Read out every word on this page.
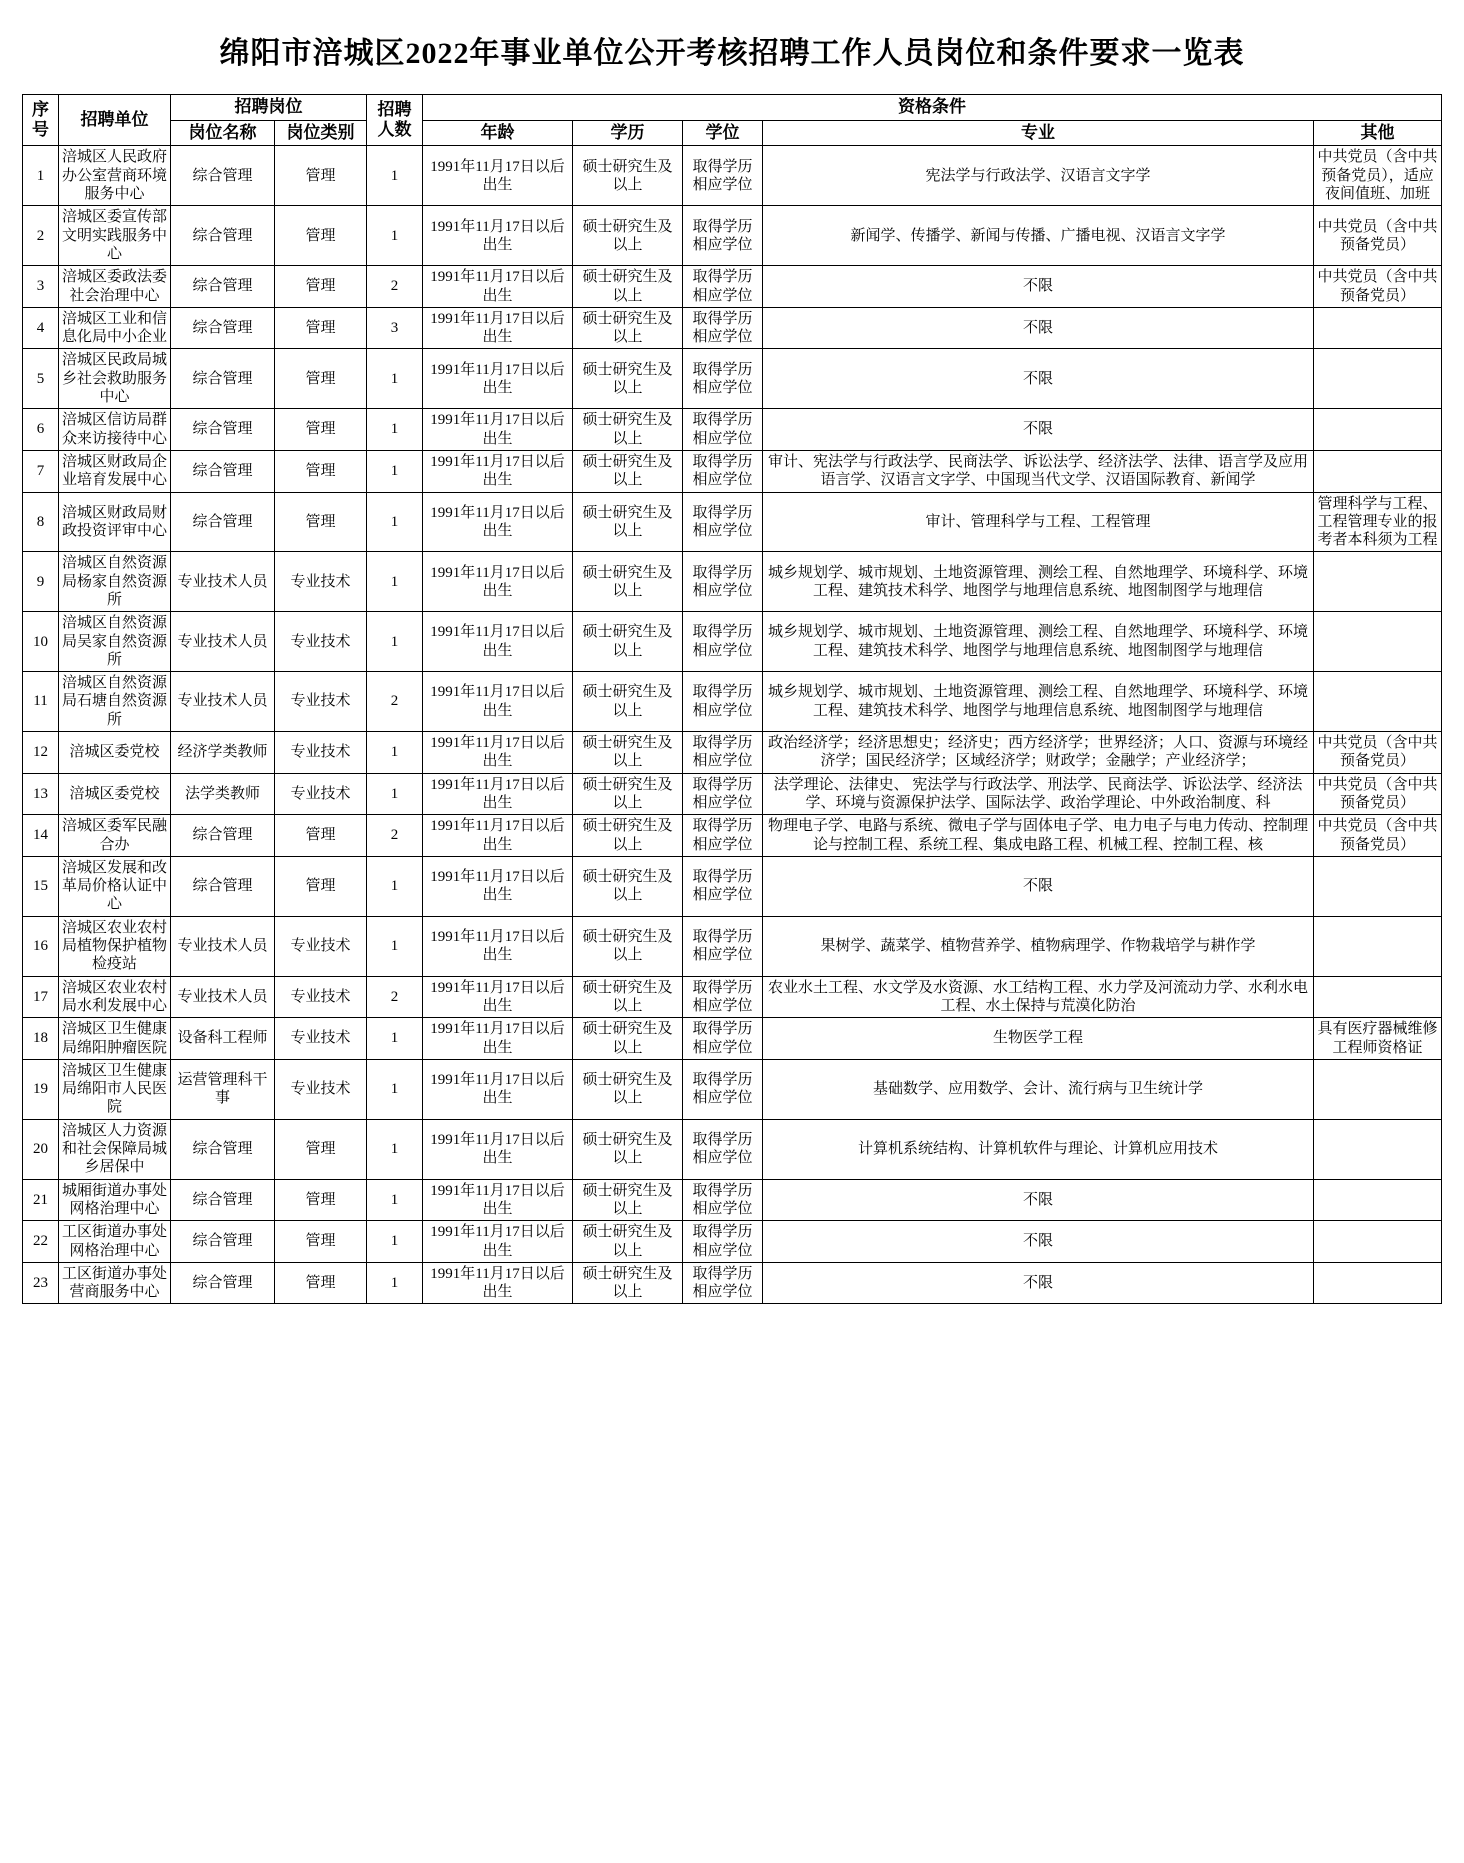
绵阳市涪城区2022年事业单位公开考核招聘工作人员岗位和条件要求一览表
序号	招聘单位	招聘岗位		招聘人数	资格条件				
		岗位名称	岗位类别		年龄	学历	学位	专业	其他
1	涪城区人民政府办公室营商环境服务中心	综合管理	管理	1	1991年11月17日以后出生	硕士研究生及以上	取得学历相应学位	宪法学与行政法学、汉语言文字学	中共党员（含中共预备党员），适应夜间值班、加班
2	涪城区委宣传部文明实践服务中心	综合管理	管理	1	1991年11月17日以后出生	硕士研究生及以上	取得学历相应学位	新闻学、传播学、新闻与传播、广播电视、汉语言文字学	中共党员（含中共预备党员）
3	涪城区委政法委社会治理中心	综合管理	管理	2	1991年11月17日以后出生	硕士研究生及以上	取得学历相应学位	不限	中共党员（含中共预备党员）
4	涪城区工业和信息化局中小企业	综合管理	管理	3	1991年11月17日以后出生	硕士研究生及以上	取得学历相应学位	不限	
5	涪城区民政局城乡社会救助服务中心	综合管理	管理	1	1991年11月17日以后出生	硕士研究生及以上	取得学历相应学位	不限	
6	涪城区信访局群众来访接待中心	综合管理	管理	1	1991年11月17日以后出生	硕士研究生及以上	取得学历相应学位	不限	
7	涪城区财政局企业培育发展中心	综合管理	管理	1	1991年11月17日以后出生	硕士研究生及以上	取得学历相应学位	审计、宪法学与行政法学、民商法学、诉讼法学、经济法学、法律、语言学及应用语言学、汉语言文字学、中国现当代文学、汉语国际教育、新闻学	
8	涪城区财政局财政投资评审中心	综合管理	管理	1	1991年11月17日以后出生	硕士研究生及以上	取得学历相应学位	审计、管理科学与工程、工程管理	管理科学与工程、工程管理专业的报考者本科须为工程
9	涪城区自然资源局杨家自然资源所	专业技术人员	专业技术	1	1991年11月17日以后出生	硕士研究生及以上	取得学历相应学位	城乡规划学、城市规划、土地资源管理、测绘工程、自然地理学、环境科学、环境工程、建筑技术科学、地图学与地理信息系统、地图制图学与地理信	
10	涪城区自然资源局吴家自然资源所	专业技术人员	专业技术	1	1991年11月17日以后出生	硕士研究生及以上	取得学历相应学位	城乡规划学、城市规划、土地资源管理、测绘工程、自然地理学、环境科学、环境工程、建筑技术科学、地图学与地理信息系统、地图制图学与地理信	
11	涪城区自然资源局石塘自然资源所	专业技术人员	专业技术	2	1991年11月17日以后出生	硕士研究生及以上	取得学历相应学位	城乡规划学、城市规划、土地资源管理、测绘工程、自然地理学、环境科学、环境工程、建筑技术科学、地图学与地理信息系统、地图制图学与地理信	
12	涪城区委党校	经济学类教师	专业技术	1	1991年11月17日以后出生	硕士研究生及以上	取得学历相应学位	政治经济学；经济思想史；经济史；西方经济学；世界经济；人口、资源与环境经济学；国民经济学；区域经济学；财政学；金融学；产业经济学；	中共党员（含中共预备党员）
13	涪城区委党校	法学类教师	专业技术	1	1991年11月17日以后出生	硕士研究生及以上	取得学历相应学位	法学理论、法律史、 宪法学与行政法学、刑法学、民商法学、诉讼法学、经济法学、环境与资源保护法学、国际法学、政治学理论、中外政治制度、科	中共党员（含中共预备党员）
14	涪城区委军民融合办	综合管理	管理	2	1991年11月17日以后出生	硕士研究生及以上	取得学历相应学位	物理电子学、电路与系统、微电子学与固体电子学、电力电子与电力传动、控制理论与控制工程、系统工程、集成电路工程、机械工程、控制工程、核	中共党员（含中共预备党员）
15	涪城区发展和改革局价格认证中心	综合管理	管理	1	1991年11月17日以后出生	硕士研究生及以上	取得学历相应学位	不限	
16	涪城区农业农村局植物保护植物检疫站	专业技术人员	专业技术	1	1991年11月17日以后出生	硕士研究生及以上	取得学历相应学位	果树学、蔬菜学、植物营养学、植物病理学、作物栽培学与耕作学	
17	涪城区农业农村局水利发展中心	专业技术人员	专业技术	2	1991年11月17日以后出生	硕士研究生及以上	取得学历相应学位	农业水土工程、水文学及水资源、水工结构工程、水力学及河流动力学、水利水电工程、水土保持与荒漠化防治	
18	涪城区卫生健康局绵阳肿瘤医院	设备科工程师	专业技术	1	1991年11月17日以后出生	硕士研究生及以上	取得学历相应学位	生物医学工程	具有医疗器械维修工程师资格证
19	涪城区卫生健康局绵阳市人民医院	运营管理科干事	专业技术	1	1991年11月17日以后出生	硕士研究生及以上	取得学历相应学位	基础数学、应用数学、会计、流行病与卫生统计学	
20	涪城区人力资源和社会保障局城乡居保中	综合管理	管理	1	1991年11月17日以后出生	硕士研究生及以上	取得学历相应学位	计算机系统结构、计算机软件与理论、计算机应用技术	
21	城厢街道办事处网格治理中心	综合管理	管理	1	1991年11月17日以后出生	硕士研究生及以上	取得学历相应学位	不限	
22	工区街道办事处网格治理中心	综合管理	管理	1	1991年11月17日以后出生	硕士研究生及以上	取得学历相应学位	不限	
23	工区街道办事处营商服务中心	综合管理	管理	1	1991年11月17日以后出生	硕士研究生及以上	取得学历相应学位	不限	
